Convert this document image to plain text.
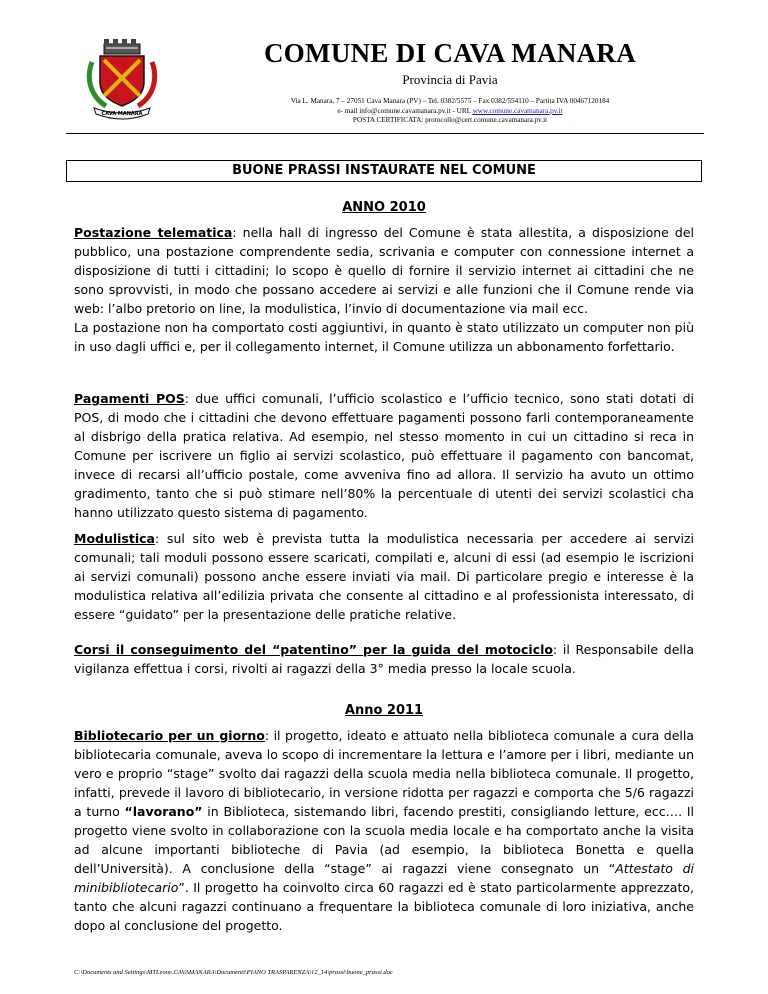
CAVA MANARA
COMUNE DI CAVA MANARA
Provincia di Pavia
Via L. Manara, 7 – 27051 Cava Manara (PV) – Tel. 0382/5575 – Fax 0382/554110 – Partita IVA 00467120184
e- mail info@comune.cavamanara.pv.it - URL www.comune.cavamanara.pv.it
POSTA CERTIFICATA: protocollo@cert.comune.cavamanara.pv.it
BUONE PRASSI INSTAURATE NEL COMUNE
ANNO 2010

Postazione telematica: nella hall di ingresso del Comune è stata allestita, a disposizione del pubblico, una postazione comprendente sedia, scrivania e computer con connessione internet a disposizione di tutti i cittadini; lo scopo è quello di fornire il servizio internet ai cittadini che ne sono sprovvisti, in modo che possano accedere ai servizi e alle funzioni che il Comune rende via web: l’albo pretorio on line, la modulistica, l’invio di documentazione via mail ecc.
La postazione non ha comportato costi aggiuntivi, in quanto è stato utilizzato un computer non più in uso dagli uffici e, per il collegamento internet, il Comune utilizza un abbonamento forfettario.

Pagamenti POS: due uffici comunali, l’ufficio scolastico e l’ufficio tecnico, sono stati dotati di POS, di modo che i cittadini che devono effettuare pagamenti possono farli contemporaneamente al disbrigo della pratica relativa. Ad esempio, nel stesso momento in cui un cittadino si reca in Comune per iscrivere un figlio ai servizi scolastico, può effettuare il pagamento con bancomat, invece di recarsi all’ufficio postale, come avveniva fino ad allora. Il servizio ha avuto un ottimo gradimento, tanto che si può stimare nell’80% la percentuale di utenti dei servizi scolastici cha hanno utilizzato questo sistema di pagamento.

Modulistica: sul sito web è prevista tutta la modulistica necessaria per accedere ai servizi comunali; tali moduli possono essere scaricati, compilati e, alcuni di essi (ad esempio le iscrizioni ai servizi comunali) possono anche essere inviati via mail. Di particolare pregio e interesse è la modulistica relativa all’edilizia privata che consente al cittadino e al professionista interessato, di essere “guidato” per la presentazione delle pratiche relative.

Corsi il conseguimento del “patentino” per la guida del motociclo: il Responsabile della vigilanza effettua i corsi, rivolti ai ragazzi della 3° media presso la locale scuola.

Anno 2011

Bibliotecario per un giorno: il progetto, ideato e attuato nella biblioteca comunale a cura della bibliotecaria comunale, aveva lo scopo di incrementare la lettura e l’amore per i libri, mediante un vero e proprio “stage” svolto dai ragazzi della scuola media nella biblioteca comunale. Il progetto, infatti, prevede il lavoro di bibliotecario, in versione ridotta per ragazzi e comporta che 5/6 ragazzi a turno “lavorano” in Biblioteca, sistemando libri, facendo prestiti, consigliando letture, ecc…. Il progetto viene svolto in collaborazione con la scuola media locale e ha comportato anche la visita ad alcune importanti biblioteche di Pavia (ad esempio, la biblioteca Bonetta e quella dell’Università). A conclusione della “stage” ai ragazzi viene consegnato un “Attestato di minibibliotecario”. Il progetto ha coinvolto circa 60 ragazzi ed è stato particolarmente apprezzato, tanto che alcuni ragazzi continuano a frequentare la biblioteca comunale di loro iniziativa, anche dopo al conclusione del progetto.

C:\Documents and Settings\MTLeone.CAVAMANARA\Documenti\PIANO TRASPARENZA\12_14\prassi\buone_prassi.doc
